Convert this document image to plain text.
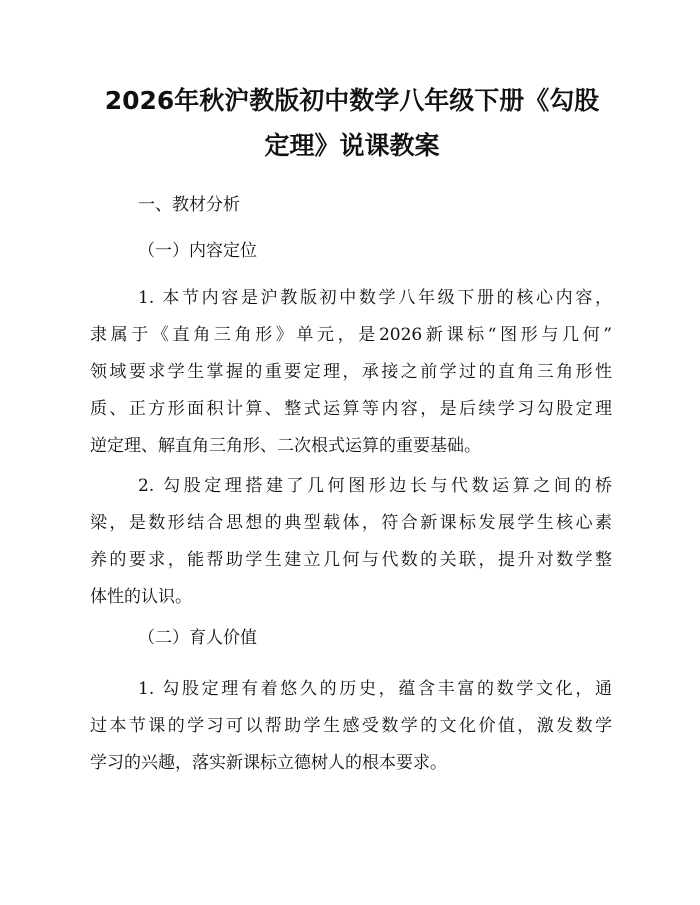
2026年秋沪教版初中数学八年级下册《勾股
定理》说课教案

一、教材分析

（一）内容定位

1. 本节内容是沪教版初中数学八年级下册的核心内容，
隶属于《直角三角形》单元，是2026新课标“图形与几何”
领域要求学生掌握的重要定理，承接之前学过的直角三角形性
质、正方形面积计算、整式运算等内容，是后续学习勾股定理
逆定理、解直角三角形、二次根式运算的重要基础。
2. 勾股定理搭建了几何图形边长与代数运算之间的桥
梁，是数形结合思想的典型载体，符合新课标发展学生核心素
养的要求，能帮助学生建立几何与代数的关联，提升对数学整
体性的认识。

（二）育人价值

1. 勾股定理有着悠久的历史，蕴含丰富的数学文化，通
过本节课的学习可以帮助学生感受数学的文化价值，激发数学
学习的兴趣，落实新课标立德树人的根本要求。
